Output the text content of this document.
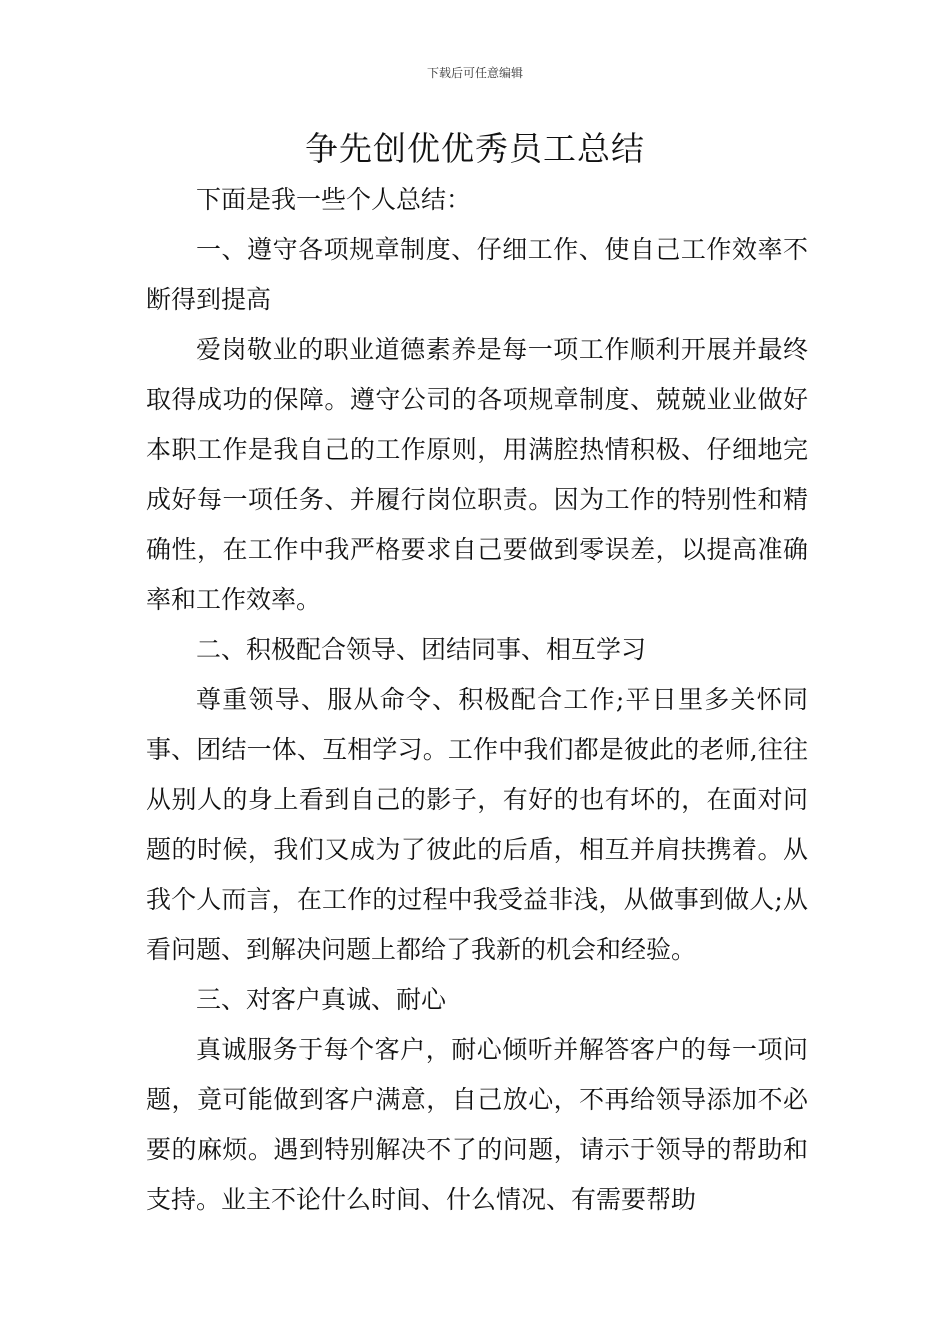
下载后可任意编辑
争先创优优秀员工总结

下面是我一些个人总结：

一、遵守各项规章制度、仔细工作、使自己工作效率不断得到提高

爱岗敬业的职业道德素养是每一项工作顺利开展并最终取得成功的保障。遵守公司的各项规章制度、兢兢业业做好本职工作是我自己的工作原则，用满腔热情积极、仔细地完成好每一项任务、并履行岗位职责。因为工作的特别性和精确性，在工作中我严格要求自己要做到零误差，以提高准确率和工作效率。

二、积极配合领导、团结同事、相互学习

尊重领导、服从命令、积极配合工作;平日里多关怀同事、团结一体、互相学习。工作中我们都是彼此的老师,往往从别人的身上看到自己的影子，有好的也有坏的，在面对问题的时候，我们又成为了彼此的后盾，相互并肩扶携着。从我个人而言，在工作的过程中我受益非浅，从做事到做人;从看问题、到解决问题上都给了我新的机会和经验。

三、对客户真诚、耐心

真诚服务于每个客户，耐心倾听并解答客户的每一项问题，竟可能做到客户满意，自己放心，不再给领导添加不必要的麻烦。遇到特别解决不了的问题，请示于领导的帮助和支持。业主不论什么时间、什么情况、有需要帮助
